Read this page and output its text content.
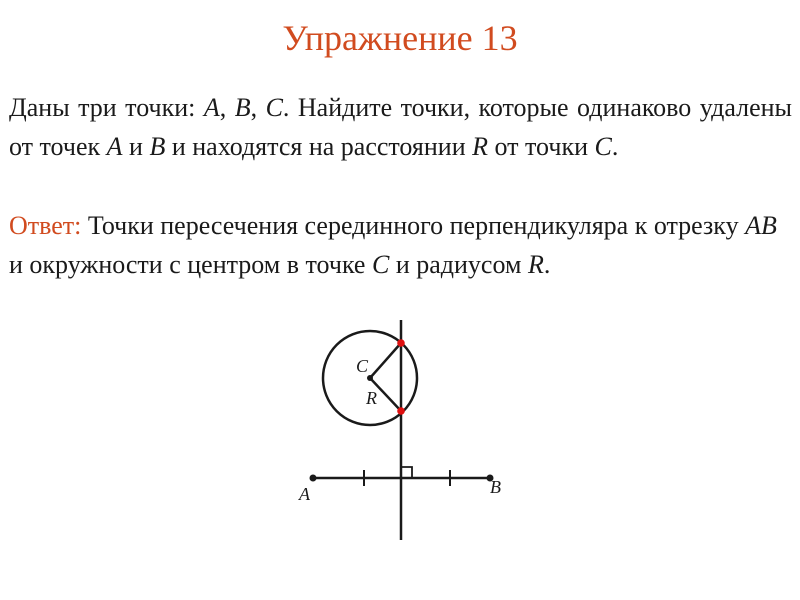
Упражнение 13
Даны три точки: A, B, C. Найдите точки, которые одинаково удалены от точек A и B и находятся на расстоянии R от точки C.
Ответ: Точки пересечения серединного перпендикуляра к отрезку AB и окружности с центром в точке C и радиусом R.
A	B
C
R
